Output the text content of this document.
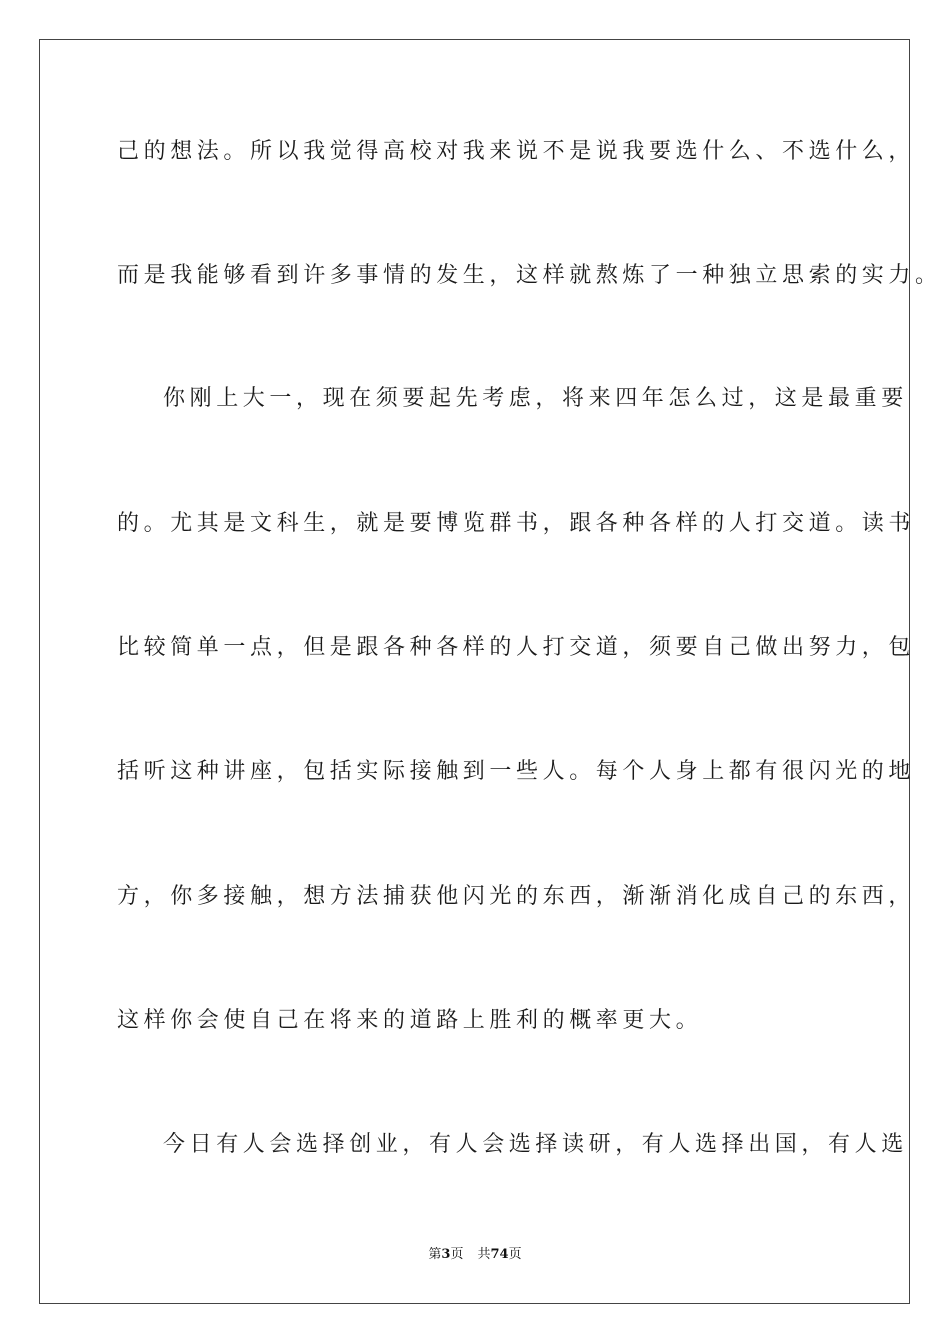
己的想法。所以我觉得高校对我来说不是说我要选什么、不选什么，
而是我能够看到许多事情的发生，这样就熬炼了一种独立思索的实力。
你刚上大一，现在须要起先考虑，将来四年怎么过，这是最重要
的。尤其是文科生，就是要博览群书，跟各种各样的人打交道。读书
比较简单一点，但是跟各种各样的人打交道，须要自己做出努力，包
括听这种讲座，包括实际接触到一些人。每个人身上都有很闪光的地
方，你多接触，想方法捕获他闪光的东西，渐渐消化成自己的东西，
这样你会使自己在将来的道路上胜利的概率更大。
今日有人会选择创业，有人会选择读研，有人选择出国，有人选
第3页 共74页
